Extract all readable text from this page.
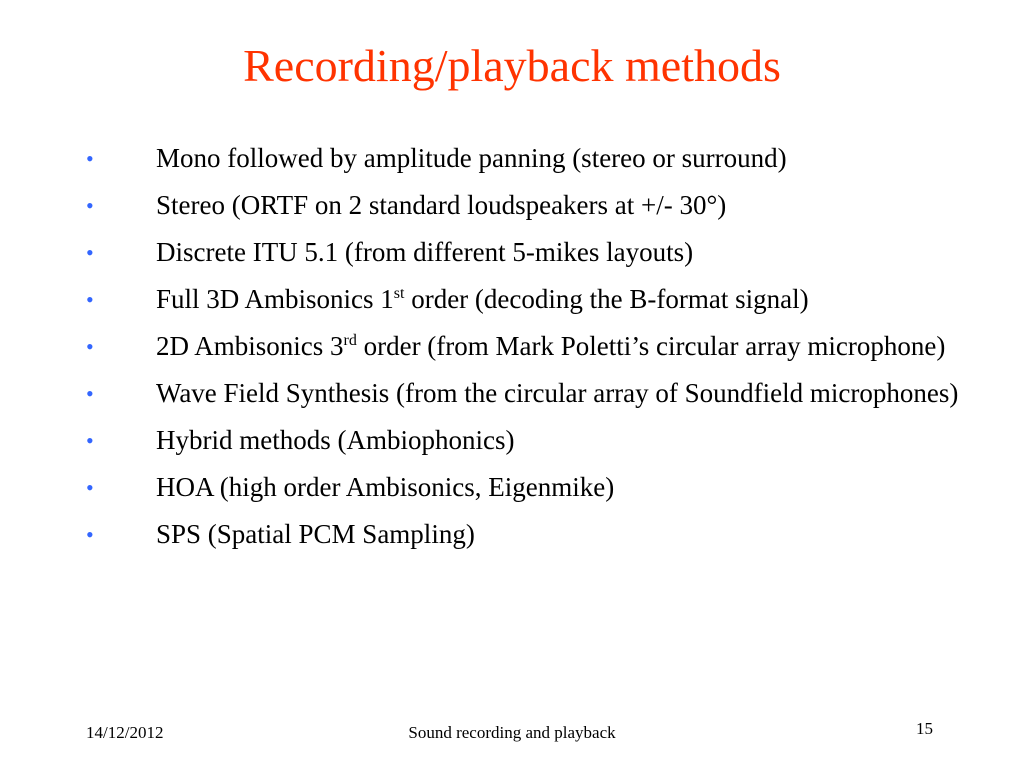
Recording/playback methods
•	Mono followed by amplitude panning (stereo or surround)
•	Stereo (ORTF on 2 standard loudspeakers at +/- 30°)
•	Discrete ITU 5.1 (from different 5-mikes layouts)
•	Full 3D Ambisonics 1st order (decoding the B-format signal)
•	2D Ambisonics 3rd order (from Mark Poletti’s circular array microphone)
•	Wave Field Synthesis (from the circular array of Soundfield microphones)
•	Hybrid methods (Ambiophonics)
•	HOA (high order Ambisonics, Eigenmike)
•	SPS (Spatial PCM Sampling)
14/12/2012	Sound recording and playback	15
